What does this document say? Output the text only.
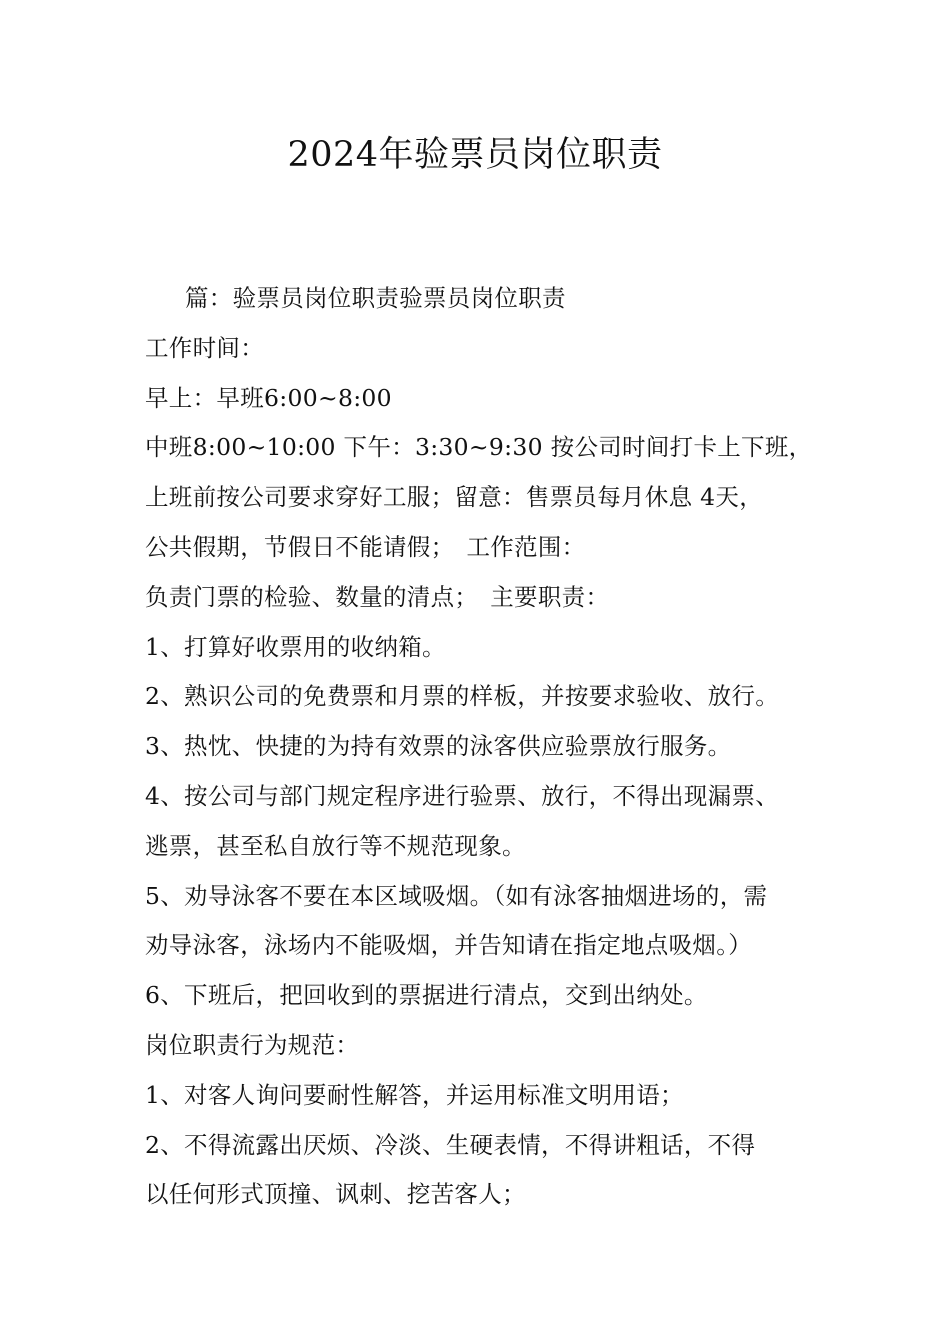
2024年验票员岗位职责
篇：验票员岗位职责验票员岗位职责
工作时间：
早上：早班6:00~8:00
中班8:00~10:00 下午：3:30~9:30 按公司时间打卡上下班，
上班前按公司要求穿好工服；留意：售票员每月休息 4天，
公共假期，节假日不能请假；　工作范围：
负责门票的检验、数量的清点；　主要职责：
1、打算好收票用的收纳箱。
2、熟识公司的免费票和月票的样板，并按要求验收、放行。
3、热忱、快捷的为持有效票的泳客供应验票放行服务。
4、按公司与部门规定程序进行验票、放行，不得出现漏票、
逃票，甚至私自放行等不规范现象。
5、劝导泳客不要在本区域吸烟。（如有泳客抽烟进场的，需
劝导泳客，泳场内不能吸烟，并告知请在指定地点吸烟。）
6、下班后，把回收到的票据进行清点，交到出纳处。
岗位职责行为规范：
1、对客人询问要耐性解答，并运用标准文明用语；
2、不得流露出厌烦、冷淡、生硬表情，不得讲粗话，不得
以任何形式顶撞、讽刺、挖苦客人；
